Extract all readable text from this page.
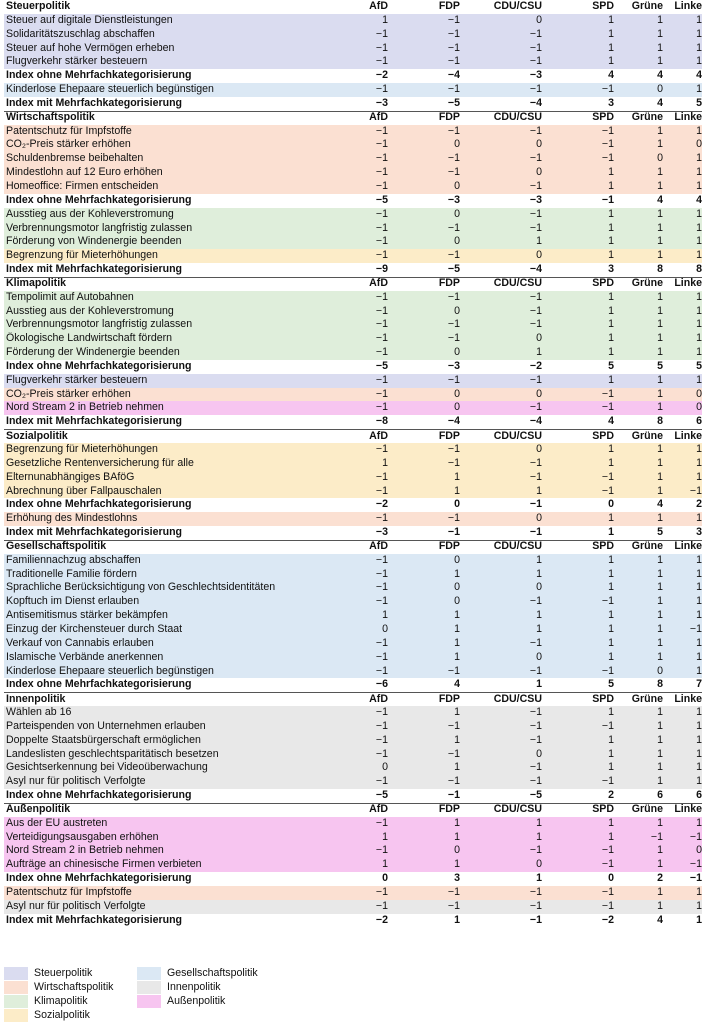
Steuerpolitik	AfD	FDP	CDU/CSU	SPD	Grüne	Linke
Steuer auf digitale Dienstleistungen	1	−1	0	1	1	1
Solidaritätszuschlag abschaffen	−1	−1	−1	1	1	1
Steuer auf hohe Vermögen erheben	−1	−1	−1	1	1	1
Flugverkehr stärker besteuern	−1	−1	−1	1	1	1
Index ohne Mehrfachkategorisierung	−2	−4	−3	4	4	4
Kinderlose Ehepaare steuerlich begünstigen	−1	−1	−1	−1	0	1
Index mit Mehrfachkategorisierung	−3	−5	−4	3	4	5
Wirtschaftspolitik	AfD	FDP	CDU/CSU	SPD	Grüne	Linke
Patentschutz für Impfstoffe	−1	−1	−1	−1	1	1
CO₂-Preis stärker erhöhen	−1	0	0	−1	1	0
Schuldenbremse beibehalten	−1	−1	−1	−1	0	1
Mindestlohn auf 12 Euro erhöhen	−1	−1	0	1	1	1
Homeoffice: Firmen entscheiden	−1	0	−1	1	1	1
Index ohne Mehrfachkategorisierung	−5	−3	−3	−1	4	4
Ausstieg aus der Kohleverstromung	−1	0	−1	1	1	1
Verbrennungsmotor langfristig zulassen	−1	−1	−1	1	1	1
Förderung von Windenergie beenden	−1	0	1	1	1	1
Begrenzung für Mieterhöhungen	−1	−1	0	1	1	1
Index mit Mehrfachkategorisierung	−9	−5	−4	3	8	8
Klimapolitik	AfD	FDP	CDU/CSU	SPD	Grüne	Linke
Tempolimit auf Autobahnen	−1	−1	−1	1	1	1
Ausstieg aus der Kohleverstromung	−1	0	−1	1	1	1
Verbrennungsmotor langfristig zulassen	−1	−1	−1	1	1	1
Ökologische Landwirtschaft fördern	−1	−1	0	1	1	1
Förderung der Windenergie beenden	−1	0	1	1	1	1
Index ohne Mehrfachkategorisierung	−5	−3	−2	5	5	5
Flugverkehr stärker besteuern	−1	−1	−1	1	1	1
CO₂-Preis stärker erhöhen	−1	0	0	−1	1	0
Nord Stream 2 in Betrieb nehmen	−1	0	−1	−1	1	0
Index mit Mehrfachkategorisierung	−8	−4	−4	4	8	6
Sozialpolitik	AfD	FDP	CDU/CSU	SPD	Grüne	Linke
Begrenzung für Mieterhöhungen	−1	−1	0	1	1	1
Gesetzliche Rentenversicherung für alle	1	−1	−1	1	1	1
Elternunabhängiges BAföG	−1	1	−1	−1	1	1
Abrechnung über Fallpauschalen	−1	1	1	−1	1	−1
Index ohne Mehrfachkategorisierung	−2	0	−1	0	4	2
Erhöhung des Mindestlohns	−1	−1	0	1	1	1
Index mit Mehrfachkategorisierung	−3	−1	−1	1	5	3
Gesellschaftspolitik	AfD	FDP	CDU/CSU	SPD	Grüne	Linke
Familiennachzug abschaffen	−1	0	1	1	1	1
Traditionelle Familie fördern	−1	1	1	1	1	1
Sprachliche Berücksichtigung von Geschlechtsidentitäten	−1	0	0	1	1	1
Kopftuch im Dienst erlauben	−1	0	−1	−1	1	1
Antisemitismus stärker bekämpfen	1	1	1	1	1	1
Einzug der Kirchensteuer durch Staat	0	1	1	1	1	−1
Verkauf von Cannabis erlauben	−1	1	−1	1	1	1
Islamische Verbände anerkennen	−1	1	0	1	1	1
Kinderlose Ehepaare steuerlich begünstigen	−1	−1	−1	−1	0	1
Index ohne Mehrfachkategorisierung	−6	4	1	5	8	7
Innenpolitik	AfD	FDP	CDU/CSU	SPD	Grüne	Linke
Wählen ab 16	−1	1	−1	1	1	1
Parteispenden von Unternehmen erlauben	−1	−1	−1	−1	1	1
Doppelte Staatsbürgerschaft ermöglichen	−1	1	−1	1	1	1
Landeslisten geschlechtsparitätisch besetzen	−1	−1	0	1	1	1
Gesichtserkennung bei Videoüberwachung	0	1	−1	1	1	1
Asyl nur für politisch Verfolgte	−1	−1	−1	−1	1	1
Index ohne Mehrfachkategorisierung	−5	−1	−5	2	6	6
Außenpolitik	AfD	FDP	CDU/CSU	SPD	Grüne	Linke
Aus der EU austreten	−1	1	1	1	1	1
Verteidigungsausgaben erhöhen	1	1	1	1	−1	−1
Nord Stream 2 in Betrieb nehmen	−1	0	−1	−1	1	0
Aufträge an chinesische Firmen verbieten	1	1	0	−1	1	−1
Index ohne Mehrfachkategorisierung	0	3	1	0	2	−1
Patentschutz für Impfstoffe	−1	−1	−1	−1	1	1
Asyl nur für politisch Verfolgte	−1	−1	−1	−1	1	1
Index mit Mehrfachkategorisierung	−2	1	−1	−2	4	1
Steuerpolitik
Wirtschaftspolitik
Klimapolitik
Sozialpolitik
Gesellschaftspolitik
Innenpolitik
Außenpolitik
